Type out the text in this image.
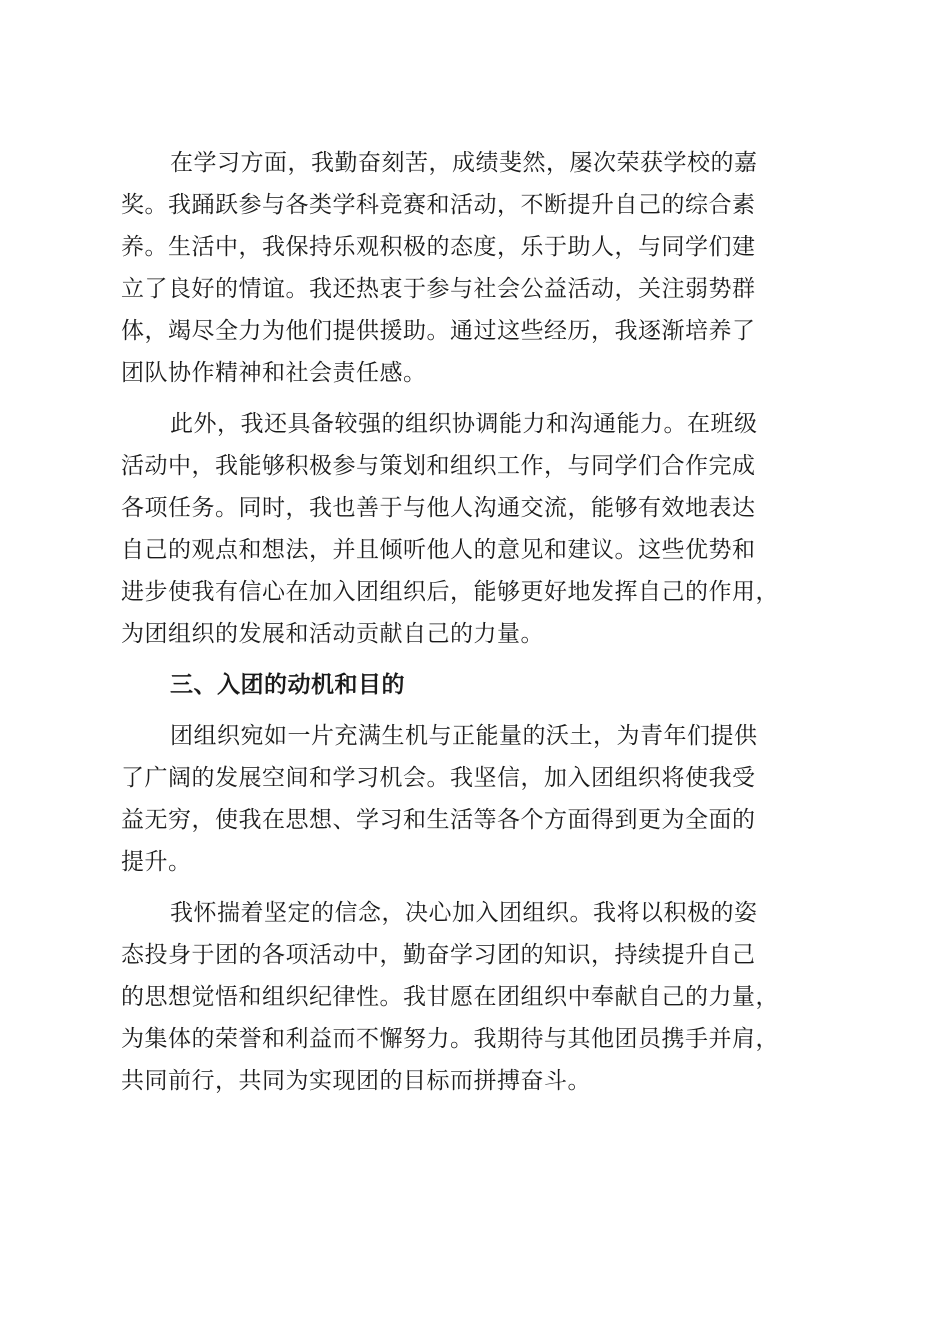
在学习方面，我勤奋刻苦，成绩斐然，屡次荣获学校的嘉
奖。我踊跃参与各类学科竞赛和活动，不断提升自己的综合素
养。生活中，我保持乐观积极的态度，乐于助人，与同学们建
立了良好的情谊。我还热衷于参与社会公益活动，关注弱势群
体，竭尽全力为他们提供援助。通过这些经历，我逐渐培养了
团队协作精神和社会责任感。
此外，我还具备较强的组织协调能力和沟通能力。在班级
活动中，我能够积极参与策划和组织工作，与同学们合作完成
各项任务。同时，我也善于与他人沟通交流，能够有效地表达
自己的观点和想法，并且倾听他人的意见和建议。这些优势和
进步使我有信心在加入团组织后，能够更好地发挥自己的作用，
为团组织的发展和活动贡献自己的力量。
三、入团的动机和目的
团组织宛如一片充满生机与正能量的沃土，为青年们提供
了广阔的发展空间和学习机会。我坚信，加入团组织将使我受
益无穷，使我在思想、学习和生活等各个方面得到更为全面的
提升。
我怀揣着坚定的信念，决心加入团组织。我将以积极的姿
态投身于团的各项活动中，勤奋学习团的知识，持续提升自己
的思想觉悟和组织纪律性。我甘愿在团组织中奉献自己的力量，
为集体的荣誉和利益而不懈努力。我期待与其他团员携手并肩，
共同前行，共同为实现团的目标而拼搏奋斗。
